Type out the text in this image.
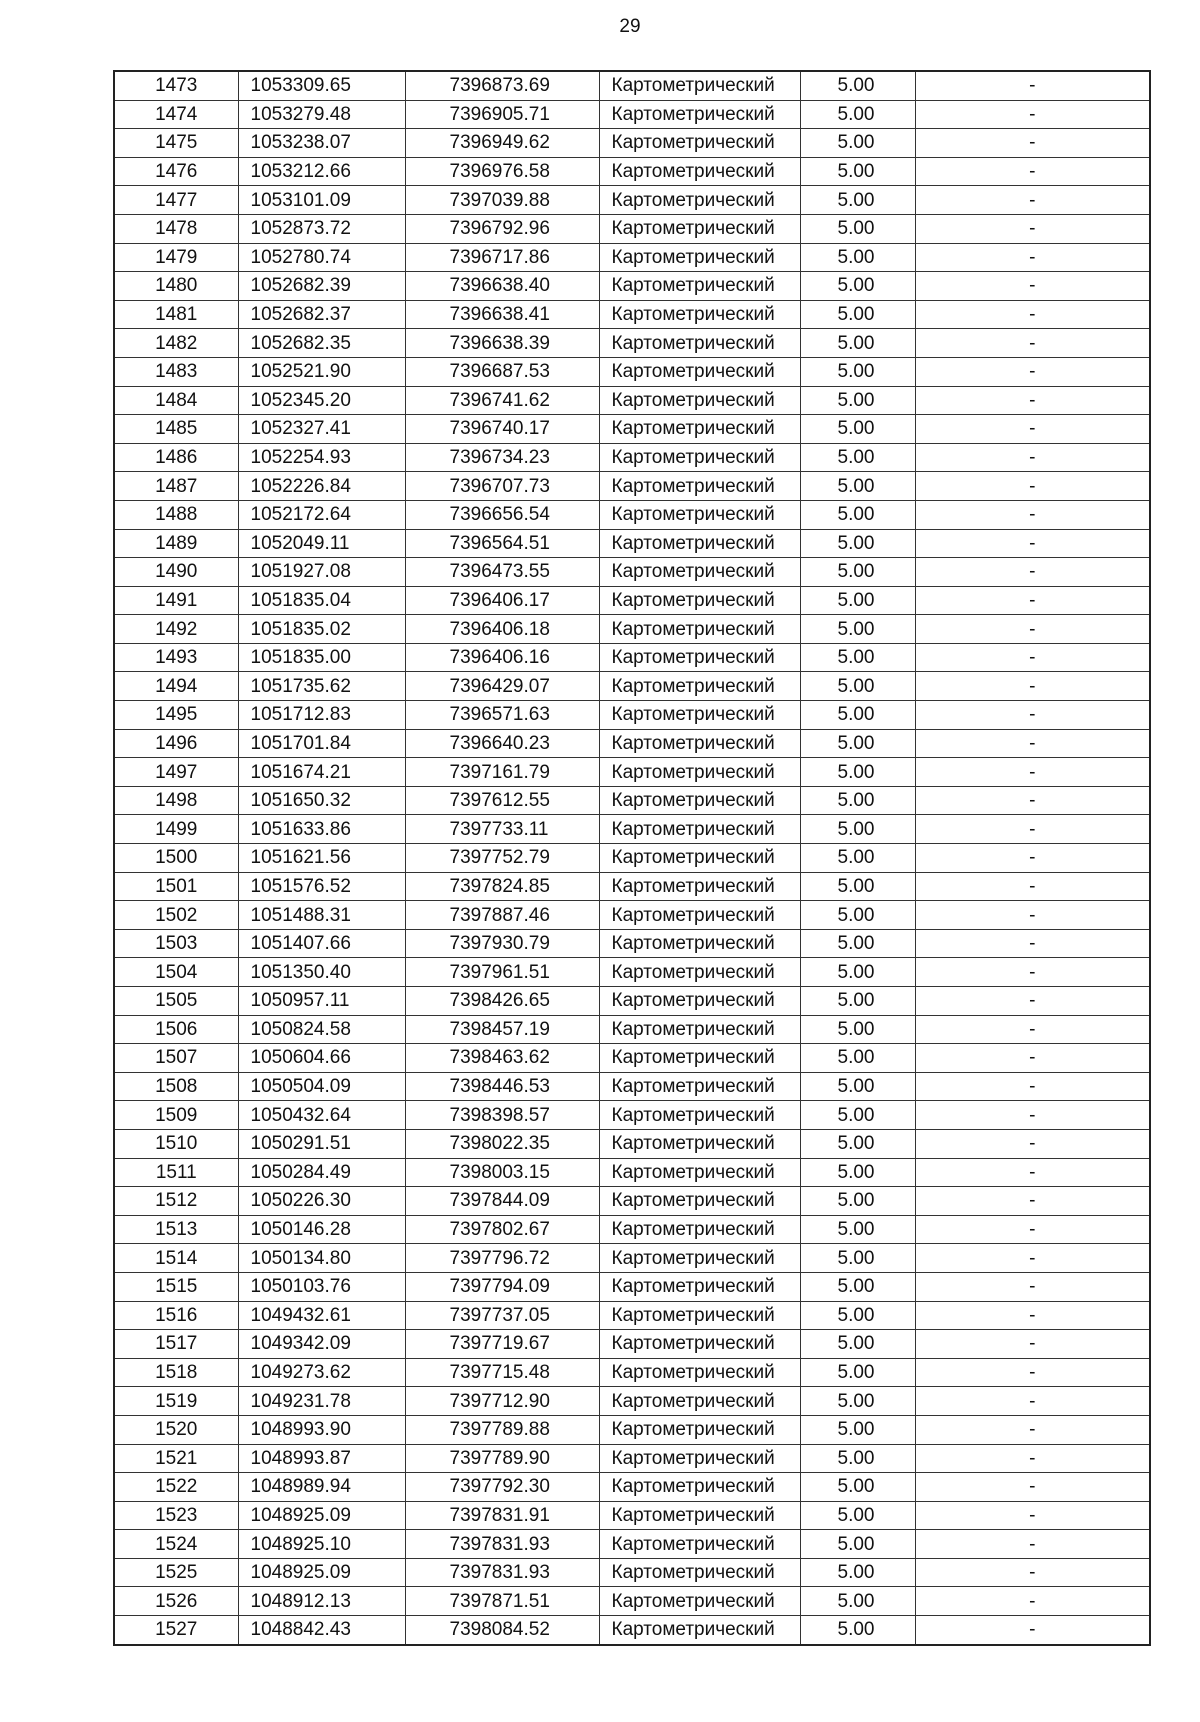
29
1473	1053309.65	7396873.69	Картометрический	5.00	-
1474	1053279.48	7396905.71	Картометрический	5.00	-
1475	1053238.07	7396949.62	Картометрический	5.00	-
1476	1053212.66	7396976.58	Картометрический	5.00	-
1477	1053101.09	7397039.88	Картометрический	5.00	-
1478	1052873.72	7396792.96	Картометрический	5.00	-
1479	1052780.74	7396717.86	Картометрический	5.00	-
1480	1052682.39	7396638.40	Картометрический	5.00	-
1481	1052682.37	7396638.41	Картометрический	5.00	-
1482	1052682.35	7396638.39	Картометрический	5.00	-
1483	1052521.90	7396687.53	Картометрический	5.00	-
1484	1052345.20	7396741.62	Картометрический	5.00	-
1485	1052327.41	7396740.17	Картометрический	5.00	-
1486	1052254.93	7396734.23	Картометрический	5.00	-
1487	1052226.84	7396707.73	Картометрический	5.00	-
1488	1052172.64	7396656.54	Картометрический	5.00	-
1489	1052049.11	7396564.51	Картометрический	5.00	-
1490	1051927.08	7396473.55	Картометрический	5.00	-
1491	1051835.04	7396406.17	Картометрический	5.00	-
1492	1051835.02	7396406.18	Картометрический	5.00	-
1493	1051835.00	7396406.16	Картометрический	5.00	-
1494	1051735.62	7396429.07	Картометрический	5.00	-
1495	1051712.83	7396571.63	Картометрический	5.00	-
1496	1051701.84	7396640.23	Картометрический	5.00	-
1497	1051674.21	7397161.79	Картометрический	5.00	-
1498	1051650.32	7397612.55	Картометрический	5.00	-
1499	1051633.86	7397733.11	Картометрический	5.00	-
1500	1051621.56	7397752.79	Картометрический	5.00	-
1501	1051576.52	7397824.85	Картометрический	5.00	-
1502	1051488.31	7397887.46	Картометрический	5.00	-
1503	1051407.66	7397930.79	Картометрический	5.00	-
1504	1051350.40	7397961.51	Картометрический	5.00	-
1505	1050957.11	7398426.65	Картометрический	5.00	-
1506	1050824.58	7398457.19	Картометрический	5.00	-
1507	1050604.66	7398463.62	Картометрический	5.00	-
1508	1050504.09	7398446.53	Картометрический	5.00	-
1509	1050432.64	7398398.57	Картометрический	5.00	-
1510	1050291.51	7398022.35	Картометрический	5.00	-
1511	1050284.49	7398003.15	Картометрический	5.00	-
1512	1050226.30	7397844.09	Картометрический	5.00	-
1513	1050146.28	7397802.67	Картометрический	5.00	-
1514	1050134.80	7397796.72	Картометрический	5.00	-
1515	1050103.76	7397794.09	Картометрический	5.00	-
1516	1049432.61	7397737.05	Картометрический	5.00	-
1517	1049342.09	7397719.67	Картометрический	5.00	-
1518	1049273.62	7397715.48	Картометрический	5.00	-
1519	1049231.78	7397712.90	Картометрический	5.00	-
1520	1048993.90	7397789.88	Картометрический	5.00	-
1521	1048993.87	7397789.90	Картометрический	5.00	-
1522	1048989.94	7397792.30	Картометрический	5.00	-
1523	1048925.09	7397831.91	Картометрический	5.00	-
1524	1048925.10	7397831.93	Картометрический	5.00	-
1525	1048925.09	7397831.93	Картометрический	5.00	-
1526	1048912.13	7397871.51	Картометрический	5.00	-
1527	1048842.43	7398084.52	Картометрический	5.00	-
